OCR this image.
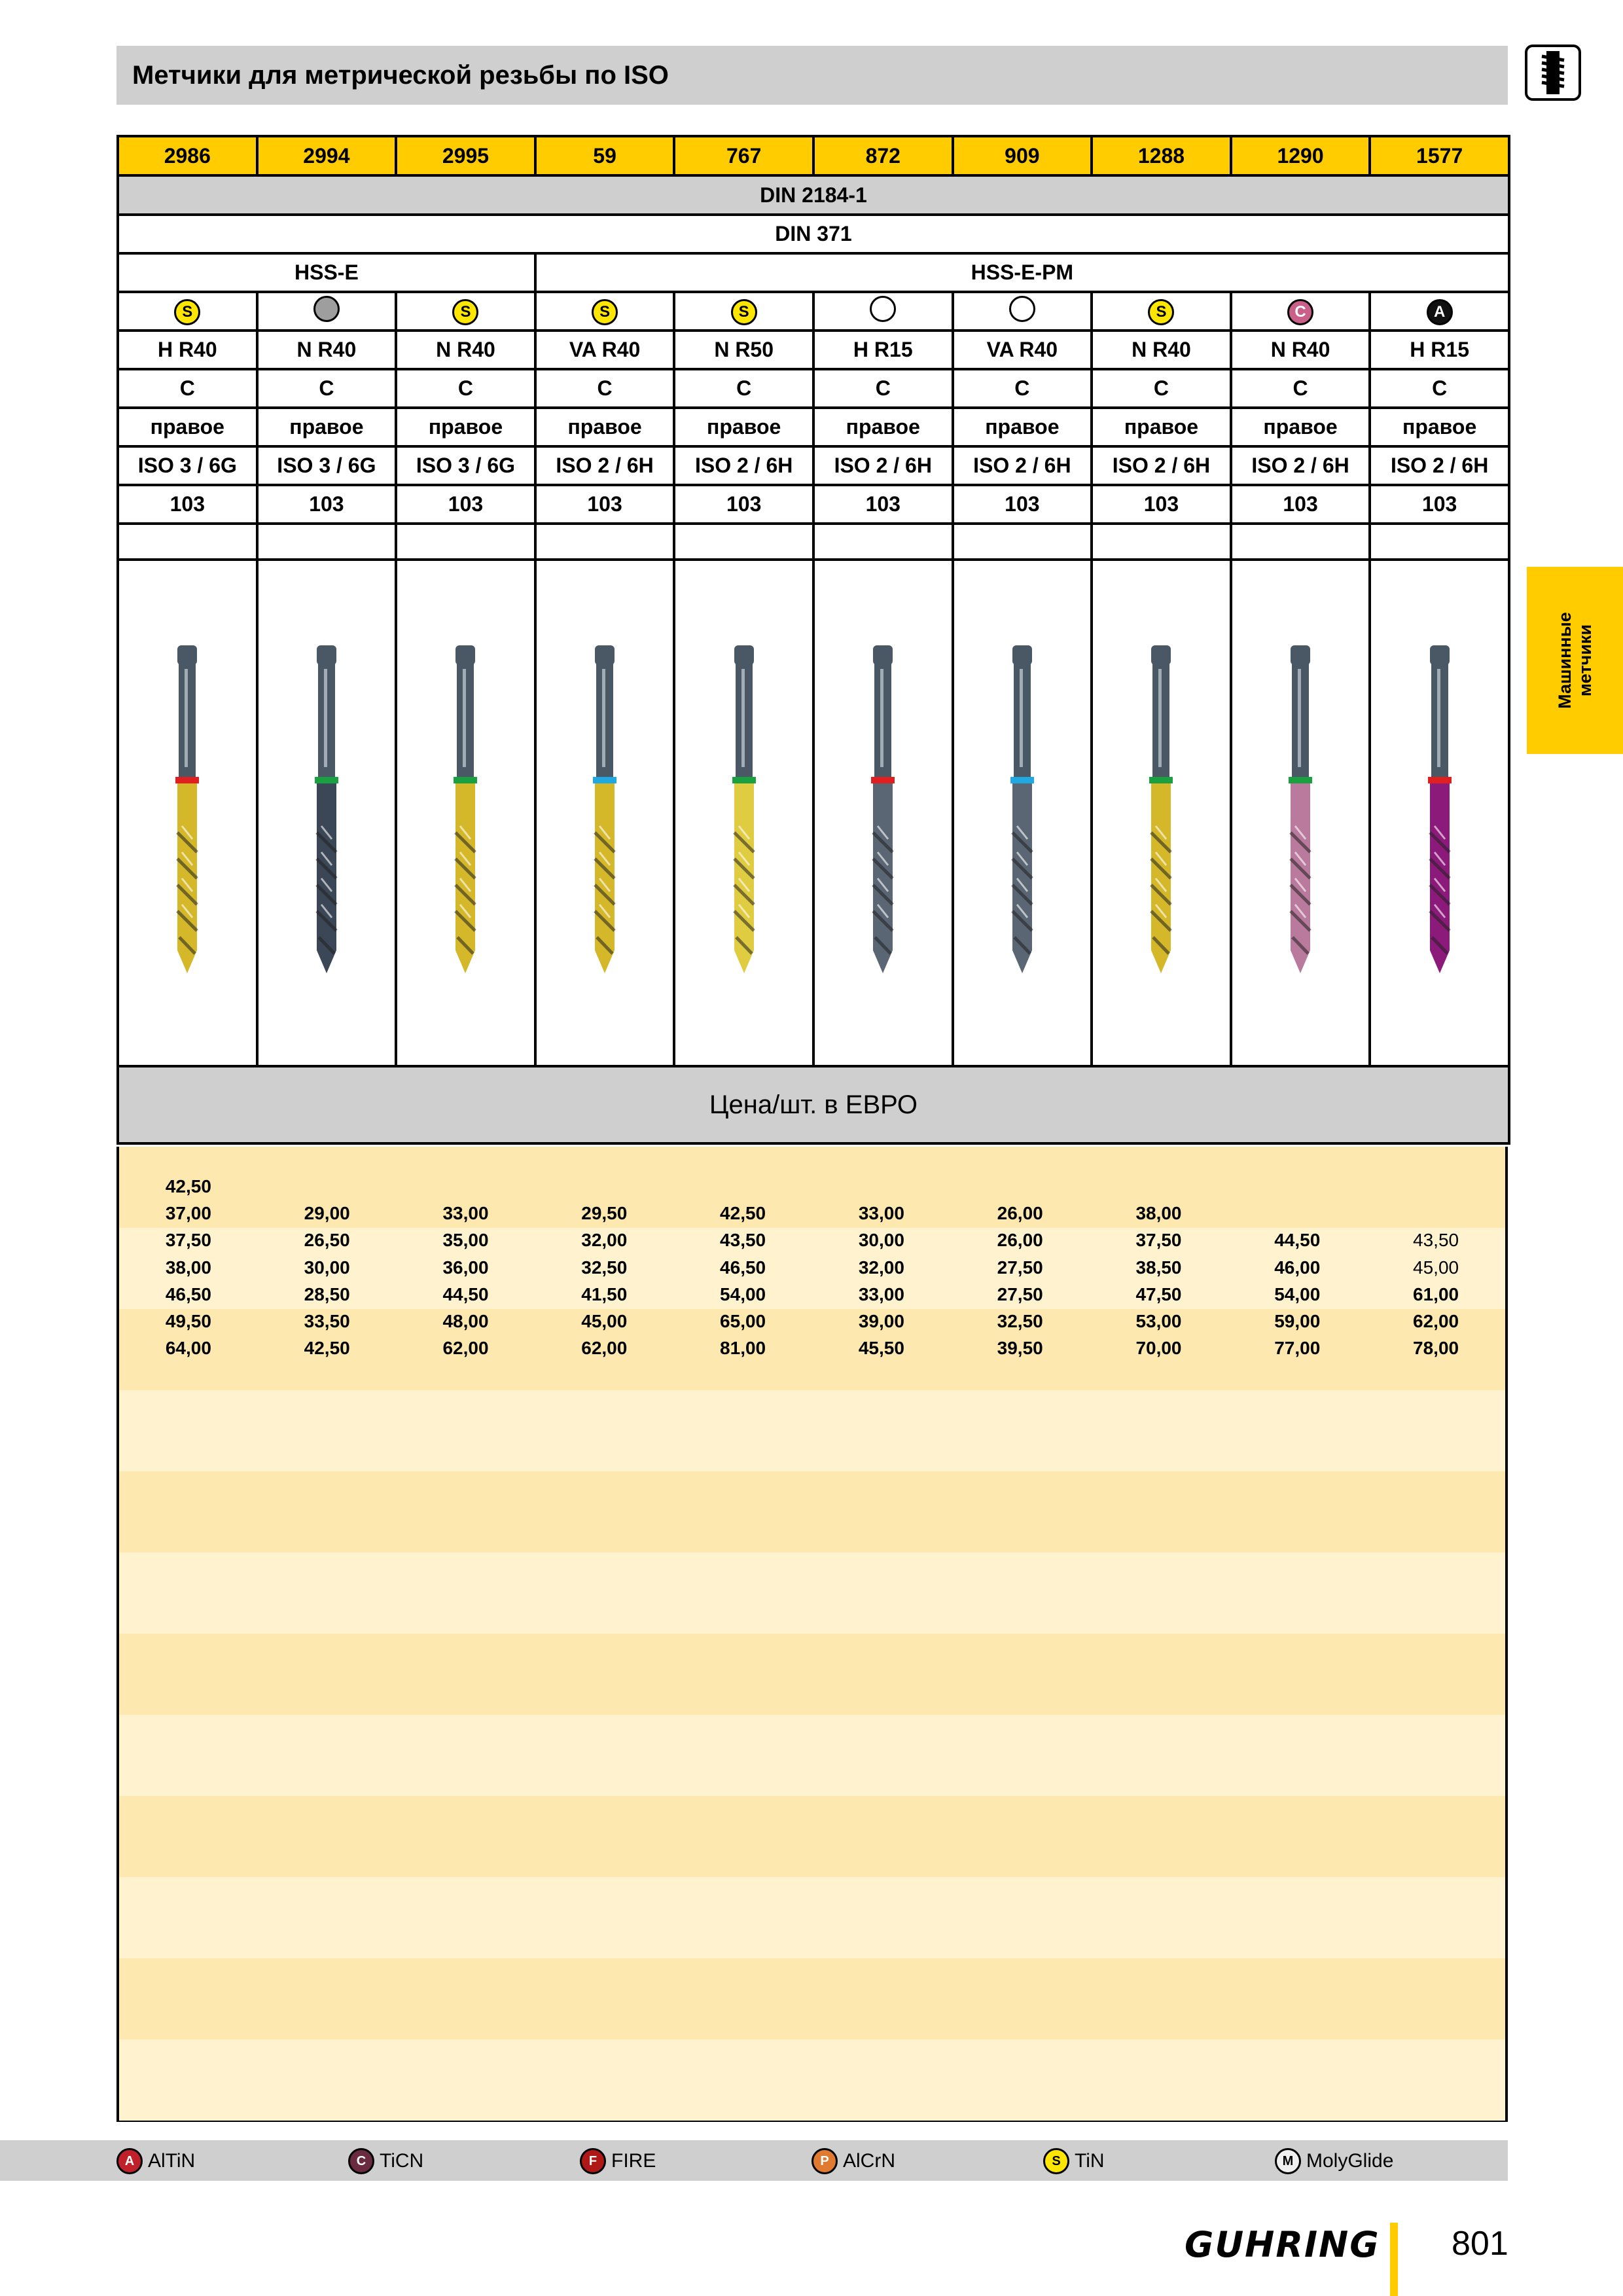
Метчики для метрической резьбы по ISO
Машинные метчики
2986	2994	2995	59	767	872	909	1288	1290	1577
DIN 2184-1									
DIN 371									
HSS-E			HSS-E-PM						
S		S	S	S			S	C	A
H R40	N R40	N R40	VA R40	N R50	H R15	VA R40	N R40	N R40	H R15
C	C	C	C	C	C	C	C	C	C
правое	правое	правое	правое	правое	правое	правое	правое	правое	правое
ISO 3 / 6G	ISO 3 / 6G	ISO 3 / 6G	ISO 2 / 6H	ISO 2 / 6H	ISO 2 / 6H	ISO 2 / 6H	ISO 2 / 6H	ISO 2 / 6H	ISO 2 / 6H
103	103	103	103	103	103	103	103	103	103

Цена/шт. в ЕВРО									
42,50
37,00	29,00	33,00	29,50	42,50	33,00	26,00	38,00
37,50	26,50	35,00	32,00	43,50	30,00	26,00	37,50	44,50	43,50
38,00	30,00	36,00	32,50	46,50	32,00	27,50	38,50	46,00	45,00
46,50	28,50	44,50	41,50	54,00	33,00	27,50	47,50	54,00	61,00
49,50	33,50	48,00	45,00	65,00	39,00	32,50	53,00	59,00	62,00
64,00	42,50	62,00	62,00	81,00	45,50	39,50	70,00	77,00	78,00
A AlTiN	C TiCN	F FIRE	P AlCrN	S TiN	M MolyGlide
GUHRING 801
